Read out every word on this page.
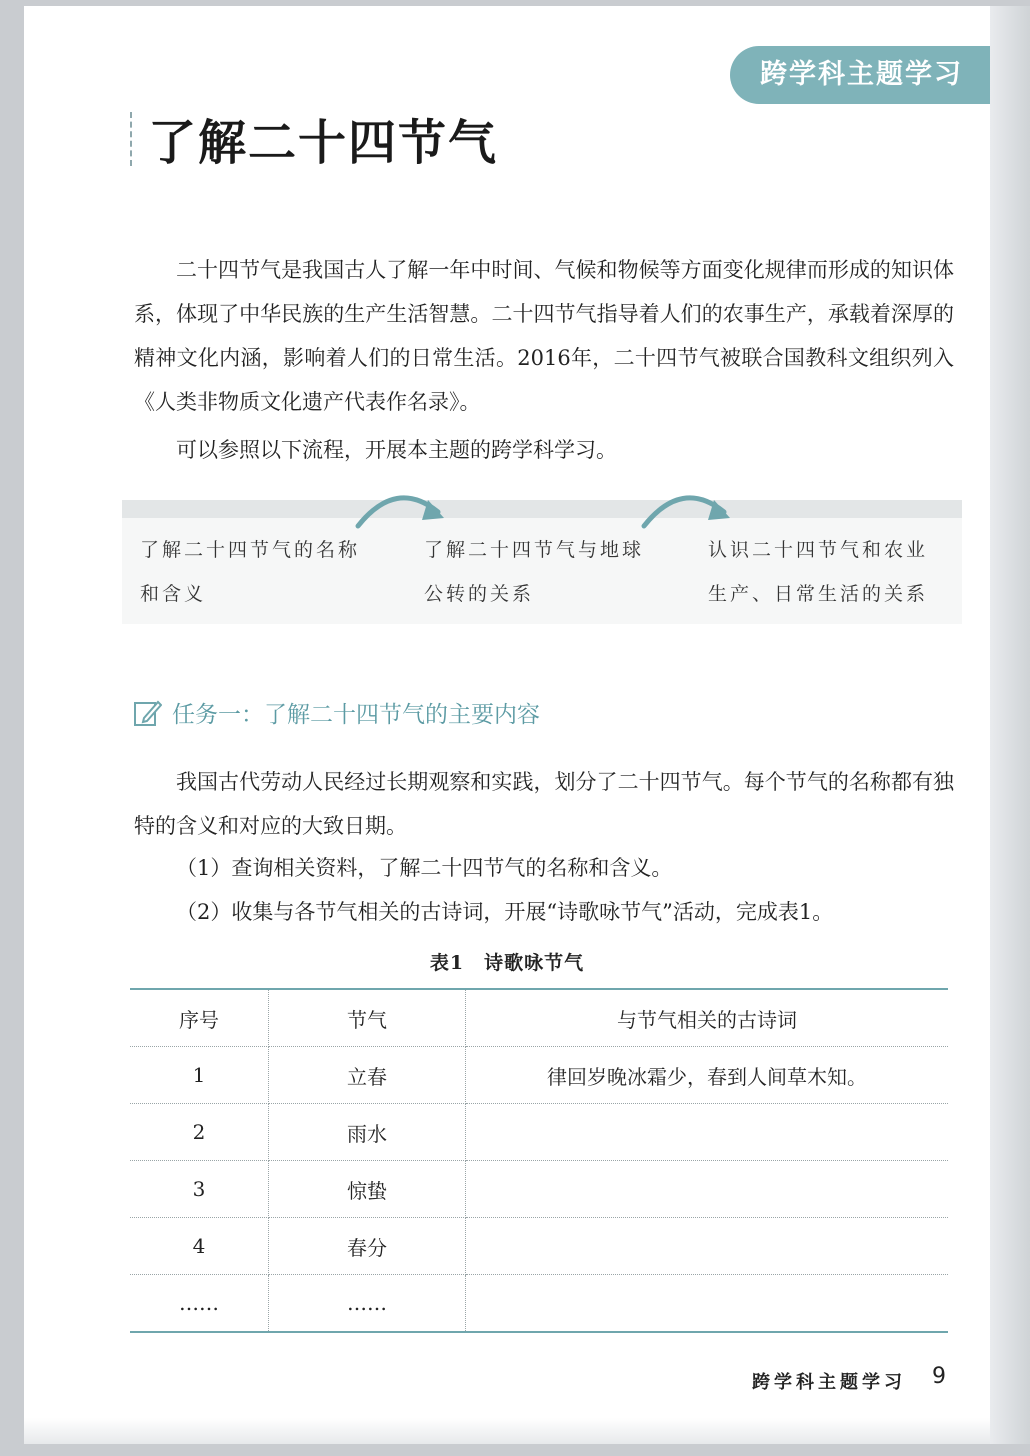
跨学科主题学习
了解二十四节气

二十四节气是我国古人了解一年中时间、气候和物候等方面变化规律而形成的知识体系，体现了中华民族的生产生活智慧。二十四节气指导着人们的农事生产，承载着深厚的精神文化内涵，影响着人们的日常生活。2016年，二十四节气被联合国教科文组织列入《人类非物质文化遗产代表作名录》。

可以参照以下流程，开展本主题的跨学科学习。

了解二十四节气的名称
和含义
了解二十四节气与地球
公转的关系
认识二十四节气和农业
生产、日常生活的关系
任务一：了解二十四节气的主要内容

我国古代劳动人民经过长期观察和实践，划分了二十四节气。每个节气的名称都有独特的含义和对应的大致日期。

（1）查询相关资料，了解二十四节气的名称和含义。
（2）收集与各节气相关的古诗词，开展“诗歌咏节气”活动，完成表1。
表1　诗歌咏节气
序号	节气	与节气相关的古诗词
1	立春	律回岁晚冰霜少，春到人间草木知。
2	雨水	
3	惊蛰	
4	春分	
……	……	
跨学科主题学习 9
